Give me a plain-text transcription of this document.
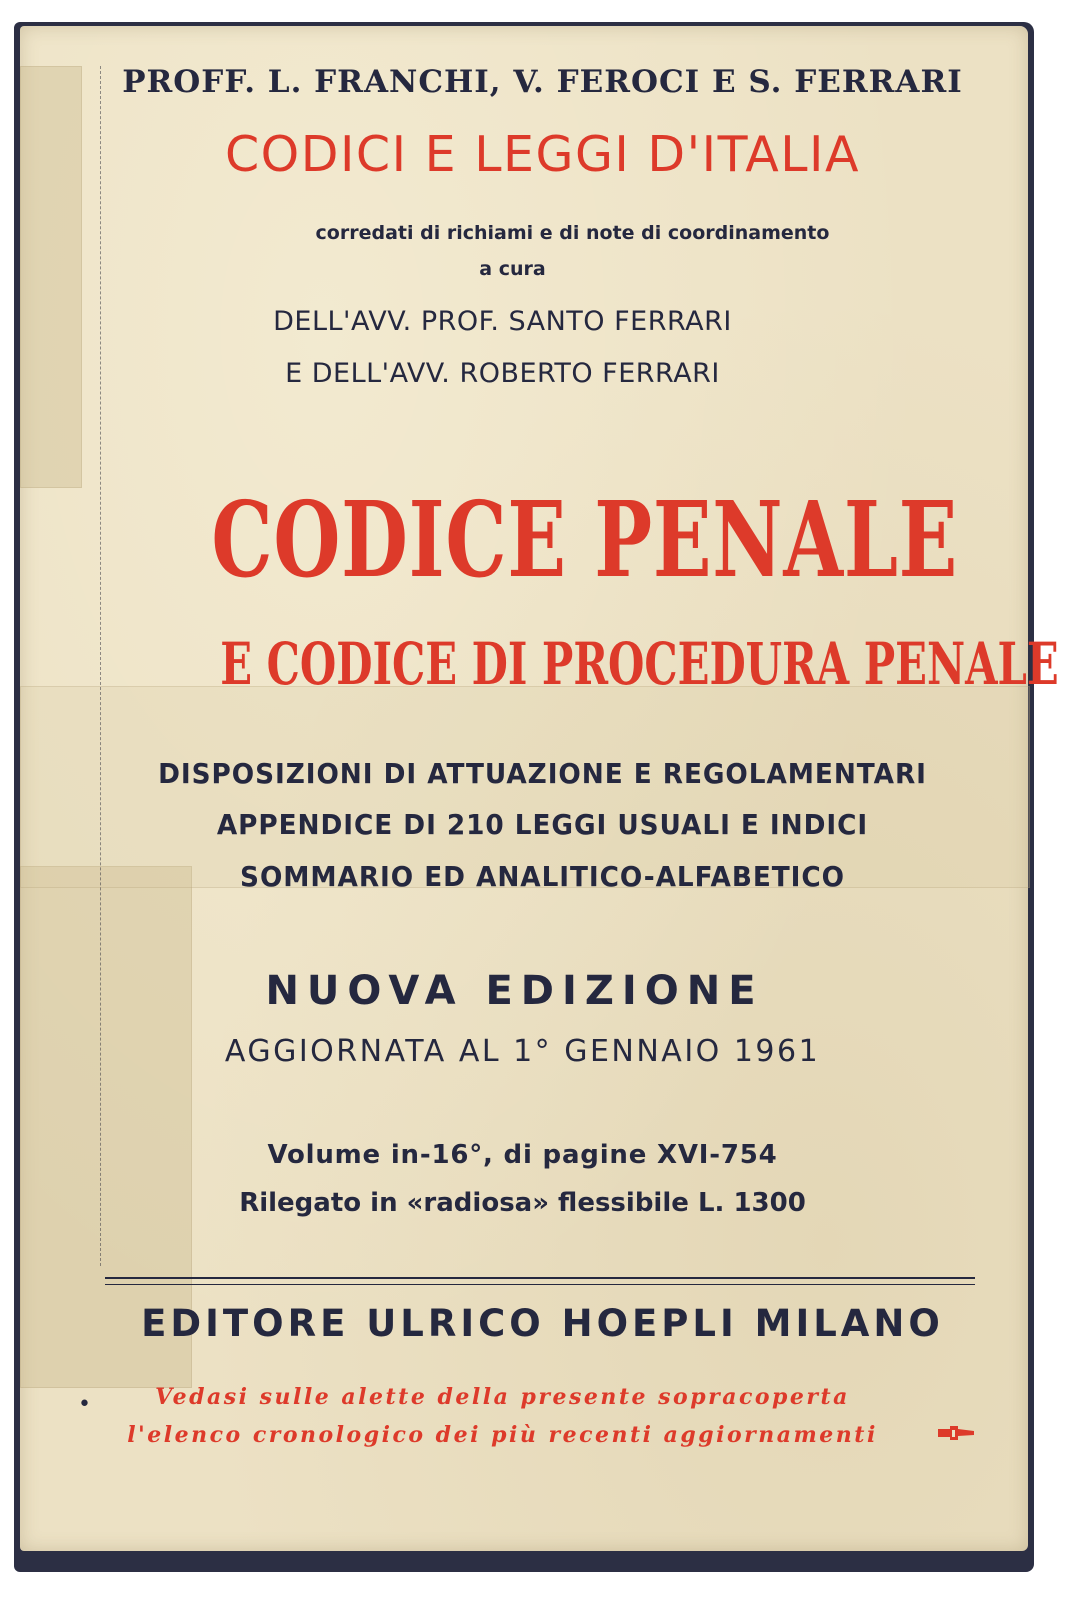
PROFF. L. FRANCHI, V. FEROCI E S. FERRARI
CODICI E LEGGI D'ITALIA
corredati di richiami e di note di coordinamento
a cura
DELL'AVV. PROF. SANTO FERRARI
E DELL'AVV. ROBERTO FERRARI
CODICE PENALE
E CODICE DI PROCEDURA PENALE
DISPOSIZIONI DI ATTUAZIONE E REGOLAMENTARI
APPENDICE DI 210 LEGGI USUALI E INDICI
SOMMARIO ED ANALITICO-ALFABETICO
NUOVA EDIZIONE
AGGIORNATA AL 1° GENNAIO 1961
Volume in-16°, di pagine XVI-754
Rilegato in «radiosa» flessibile L. 1300
EDITORE ULRICO HOEPLI MILANO
Vedasi sulle alette della presente sopracoperta
l'elenco cronologico dei più recenti aggiornamenti
•
